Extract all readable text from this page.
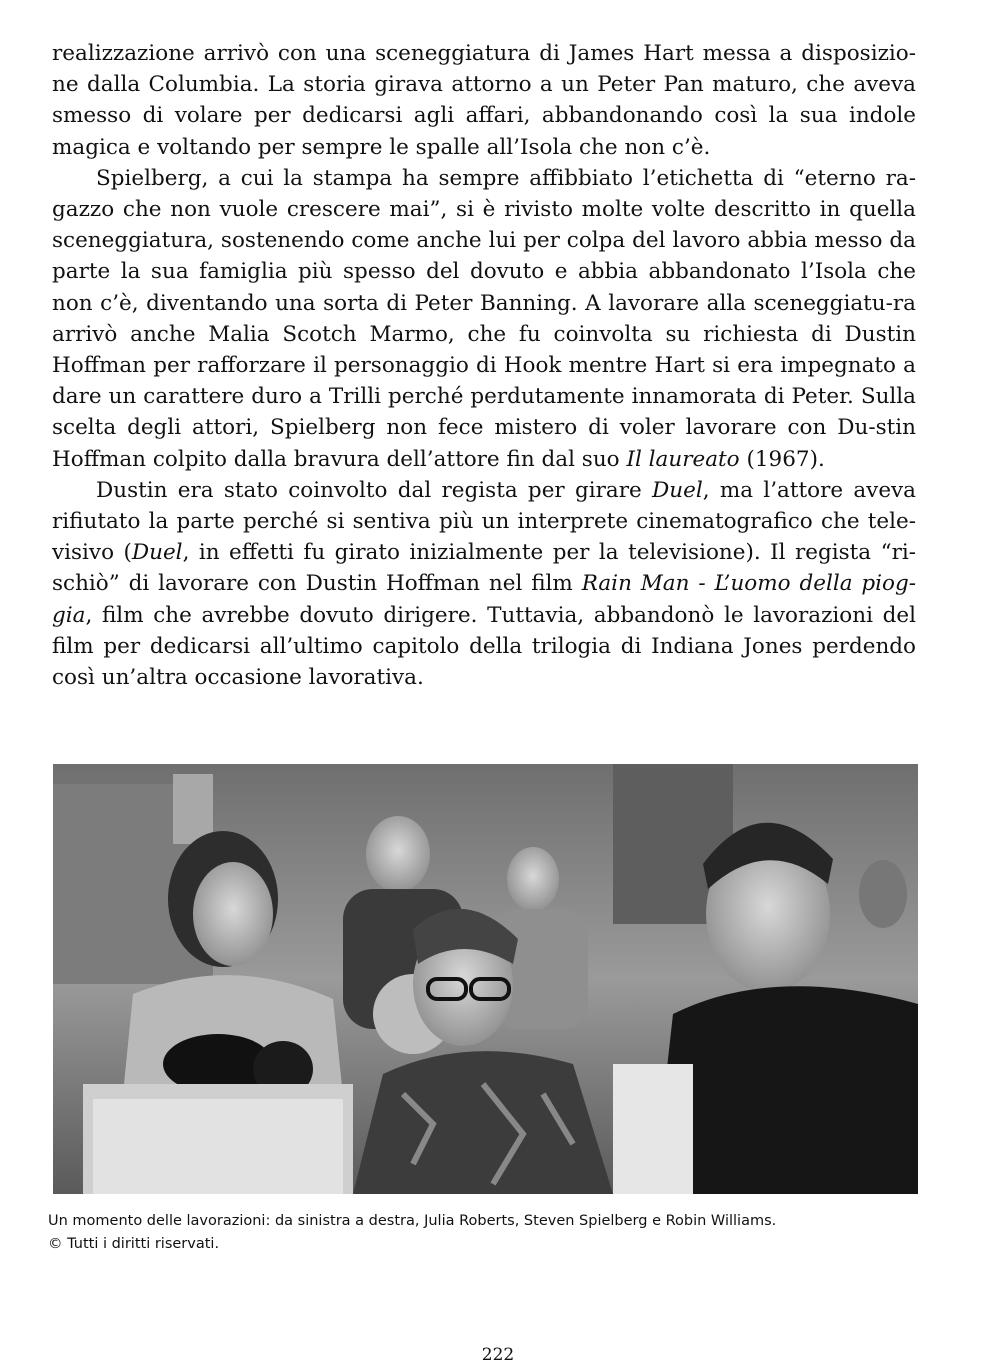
realizzazione arrivò con una sceneggiatura di James Hart messa a disposizio-ne dalla Columbia. La storia girava attorno a un Peter Pan maturo, che aveva smesso di volare per dedicarsi agli affari, abbandonando così la sua indole magica e voltando per sempre le spalle all’Isola che non c’è.

Spielberg, a cui la stampa ha sempre affibbiato l’etichetta di “eterno ra-gazzo che non vuole crescere mai”, si è rivisto molte volte descritto in quella sceneggiatura, sostenendo come anche lui per colpa del lavoro abbia messo da parte la sua famiglia più spesso del dovuto e abbia abbandonato l’Isola che non c’è, diventando una sorta di Peter Banning. A lavorare alla sceneggiatu-ra arrivò anche Malia Scotch Marmo, che fu coinvolta su richiesta di Dustin Hoffman per rafforzare il personaggio di Hook mentre Hart si era impegnato a dare un carattere duro a Trilli perché perdutamente innamorata di Peter. Sulla scelta degli attori, Spielberg non fece mistero di voler lavorare con Du-stin Hoffman colpito dalla bravura dell’attore fin dal suo Il laureato (1967).

Dustin era stato coinvolto dal regista per girare Duel, ma l’attore aveva rifiutato la parte perché si sentiva più un interprete cinematografico che tele-visivo (Duel, in effetti fu girato inizialmente per la televisione). Il regista “ri-schiò” di lavorare con Dustin Hoffman nel film Rain Man - L’uomo della piog-gia, film che avrebbe dovuto dirigere. Tuttavia, abbandonò le lavorazioni del film per dedicarsi all’ultimo capitolo della trilogia di Indiana Jones perdendo così un’altra occasione lavorativa.

Un momento delle lavorazioni: da sinistra a destra, Julia Roberts, Steven Spielberg e Robin Williams.
© Tutti i diritti riservati.
222
